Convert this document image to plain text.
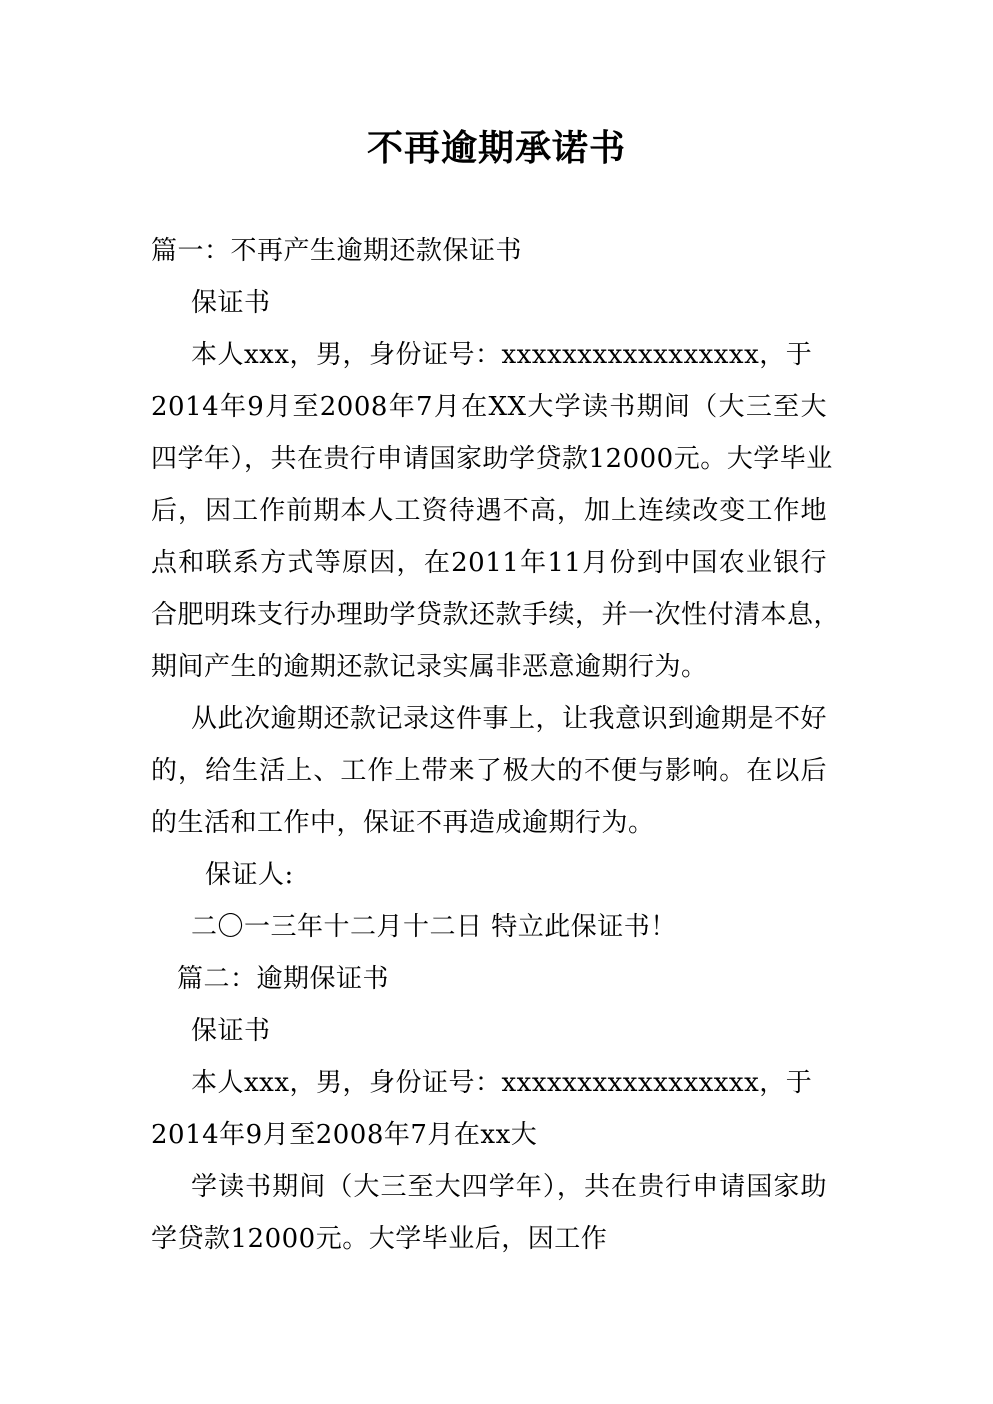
不再逾期承诺书
篇一：不再产生逾期还款保证书
保证书
本人xxx，男，身份证号：xxxxxxxxxxxxxxxxx，于
2014年9月至2008年7月在XX大学读书期间（大三至大
四学年），共在贵行申请国家助学贷款12000元。大学毕业
后，因工作前期本人工资待遇不高，加上连续改变工作地
点和联系方式等原因，在2011年11月份到中国农业银行
合肥明珠支行办理助学贷款还款手续，并一次性付清本息，
期间产生的逾期还款记录实属非恶意逾期行为。
从此次逾期还款记录这件事上，让我意识到逾期是不好
的，给生活上、工作上带来了极大的不便与影响。在以后
的生活和工作中，保证不再造成逾期行为。
保证人:
二〇一三年十二月十二日 特立此保证书！
篇二：逾期保证书
保证书
本人xxx，男，身份证号：xxxxxxxxxxxxxxxxx，于
2014年9月至2008年7月在xx大
学读书期间（大三至大四学年），共在贵行申请国家助
学贷款12000元。大学毕业后，因工作
